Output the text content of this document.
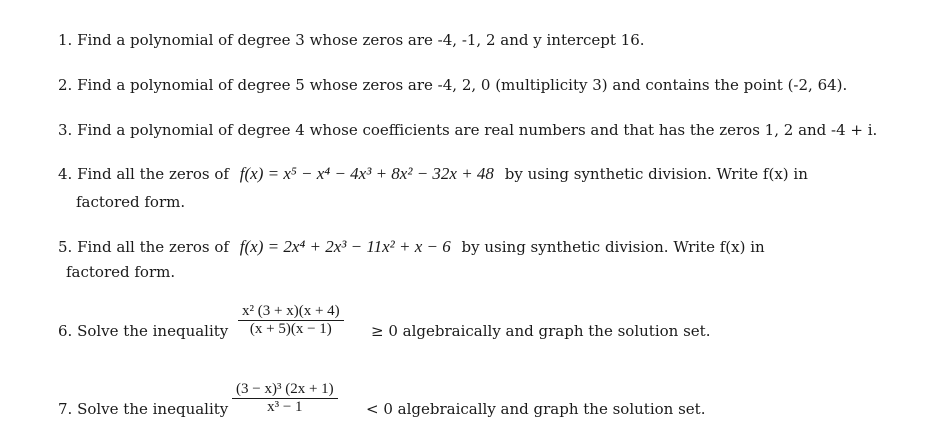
1. Find a polynomial of degree 3 whose zeros are -4, -1, 2 and y intercept 16.
2. Find a polynomial of degree 5 whose zeros are -4, 2, 0 (multiplicity 3) and contains the point (-2, 64).
3. Find a polynomial of degree 4 whose coefficients are real numbers and that has the zeros 1, 2 and -4 + i.
4. Find all the zeros of f(x) = x⁵ − x⁴ − 4x³ + 8x² − 32x + 48 by using synthetic division. Write f(x) in
factored form.
5. Find all the zeros of f(x) = 2x⁴ + 2x³ − 11x² + x − 6 by using synthetic division. Write f(x) in
factored form.
6. Solve the inequality
x² (3 + x)(x + 4)
(x + 5)(x − 1)	≥ 0 algebraically and graph the solution set.
7. Solve the inequality
(3 − x)³ (2x + 1)
x³ − 1	< 0 algebraically and graph the solution set.
